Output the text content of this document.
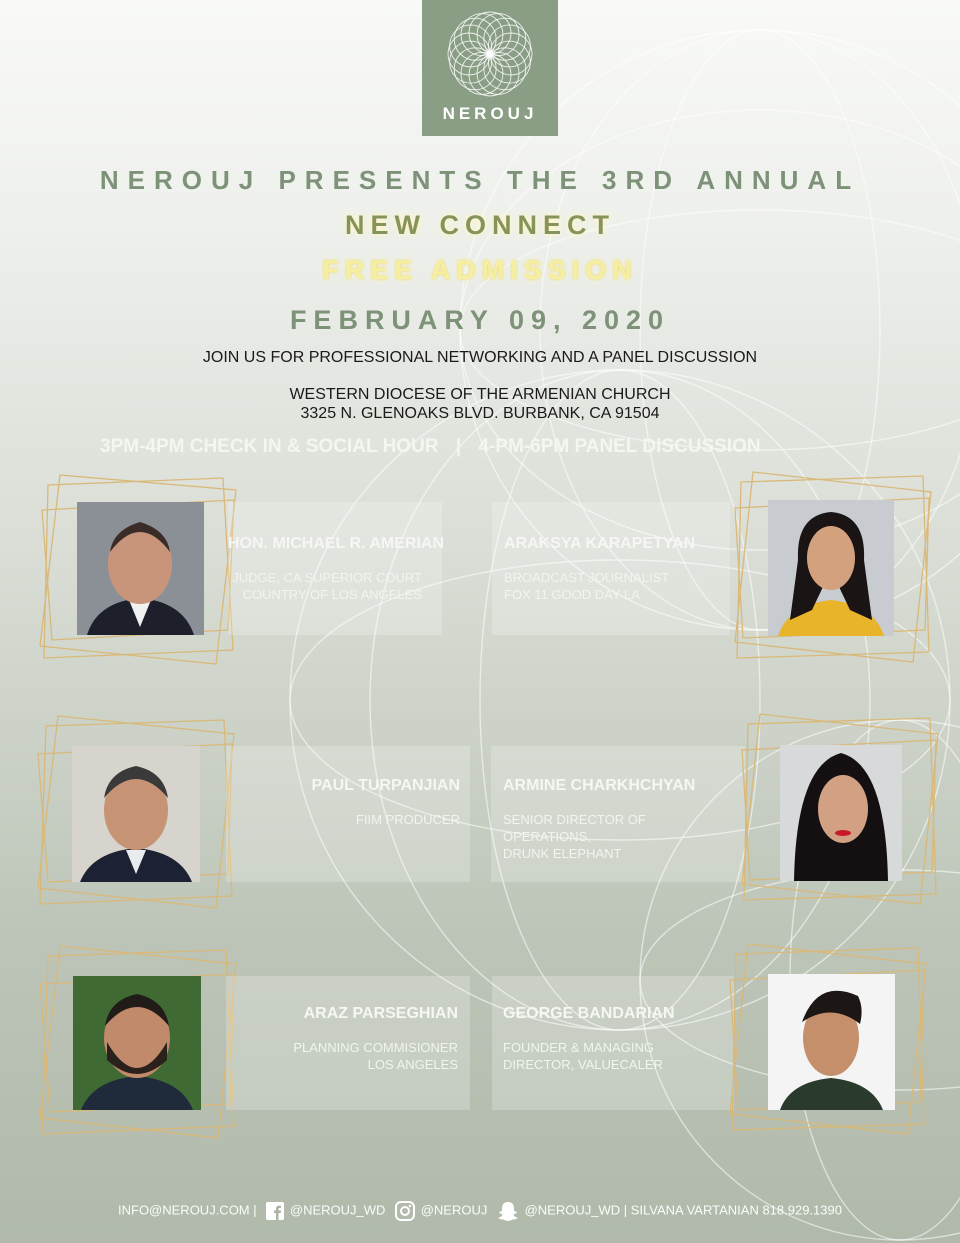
NEROUJ
NEROUJ PRESENTS THE 3RD ANNUAL
NEW CONNECT
FREE ADMISSION
FEBRUARY 09, 2020
JOIN US FOR PROFESSIONAL NETWORKING AND A PANEL DISCUSSION
WESTERN DIOCESE OF THE ARMENIAN CHURCH
3325 N. GLENOAKS BLVD. BURBANK, CA 91504
3PM-4PM CHECK IN & SOCIAL HOUR | 4-PM-6PM PANEL DISCUSSION
HON. MICHAEL R. AMERIAN
JUDGE, CA SUPERIOR COURT
COUNTRY OF LOS ANGELES
ARAKSYA KARAPETYAN
BROADCAST JOURNALIST
FOX 11 GOOD DAY LA
PAUL TURPANJIAN
FIIM PRODUCER
ARMINE CHARKHCHYAN
SENIOR DIRECTOR OF
OPERATIONS,
DRUNK ELEPHANT
ARAZ PARSEGHIAN
PLANNING COMMISIONER
LOS ANGELES
GEORGE BANDARIAN
FOUNDER & MANAGING
DIRECTOR, VALUECALER
INFO@NEROUJ.COM |	@NEROUJ_WD	@NEROUJ	@NEROUJ_WD | SILVANA VARTANIAN 818.929.1390
